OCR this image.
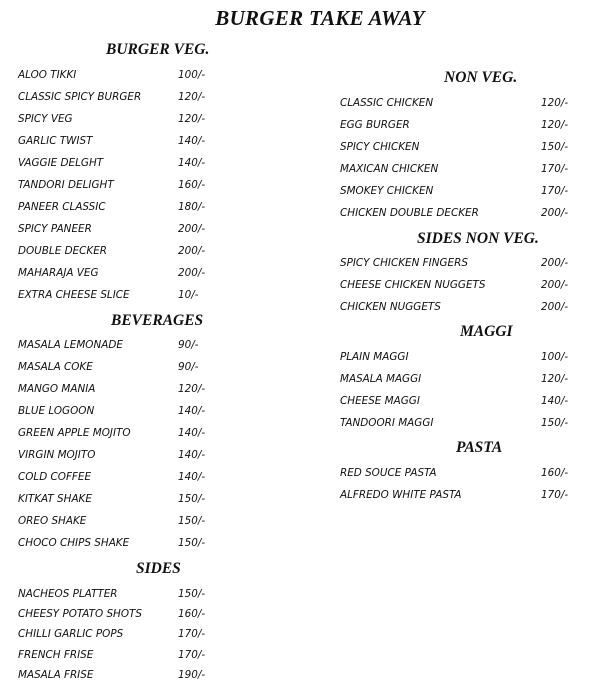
BURGER TAKE AWAY
BURGER VEG.
ALOO TIKKI	100/-
CLASSIC SPICY BURGER	120/-
SPICY VEG	120/-
GARLIC TWIST	140/-
VAGGIE DELGHT	140/-
TANDORI DELIGHT	160/-
PANEER CLASSIC	180/-
SPICY PANEER	200/-
DOUBLE DECKER	200/-
MAHARAJA VEG	200/-
EXTRA CHEESE SLICE	10/-
BEVERAGES
MASALA LEMONADE	90/-
MASALA COKE	90/-
MANGO MANIA	120/-
BLUE LOGOON	140/-
GREEN APPLE MOJITO	140/-
VIRGIN MOJITO	140/-
COLD COFFEE	140/-
KITKAT SHAKE	150/-
OREO SHAKE	150/-
CHOCO CHIPS SHAKE	150/-
SIDES
NACHEOS PLATTER	150/-
CHEESY POTATO SHOTS	160/-
CHILLI GARLIC POPS	170/-
FRENCH FRISE	170/-
MASALA FRISE	190/-
NON VEG.
CLASSIC CHICKEN	120/-
EGG BURGER	120/-
SPICY CHICKEN	150/-
MAXICAN CHICKEN	170/-
SMOKEY CHICKEN	170/-
CHICKEN DOUBLE DECKER	200/-
SIDES NON VEG.
SPICY CHICKEN FINGERS	200/-
CHEESE CHICKEN NUGGETS	200/-
CHICKEN NUGGETS	200/-
MAGGI
PLAIN MAGGI	100/-
MASALA MAGGI	120/-
CHEESE MAGGI	140/-
TANDOORI MAGGI	150/-
PASTA
RED SOUCE PASTA	160/-
ALFREDO WHITE PASTA	170/-
